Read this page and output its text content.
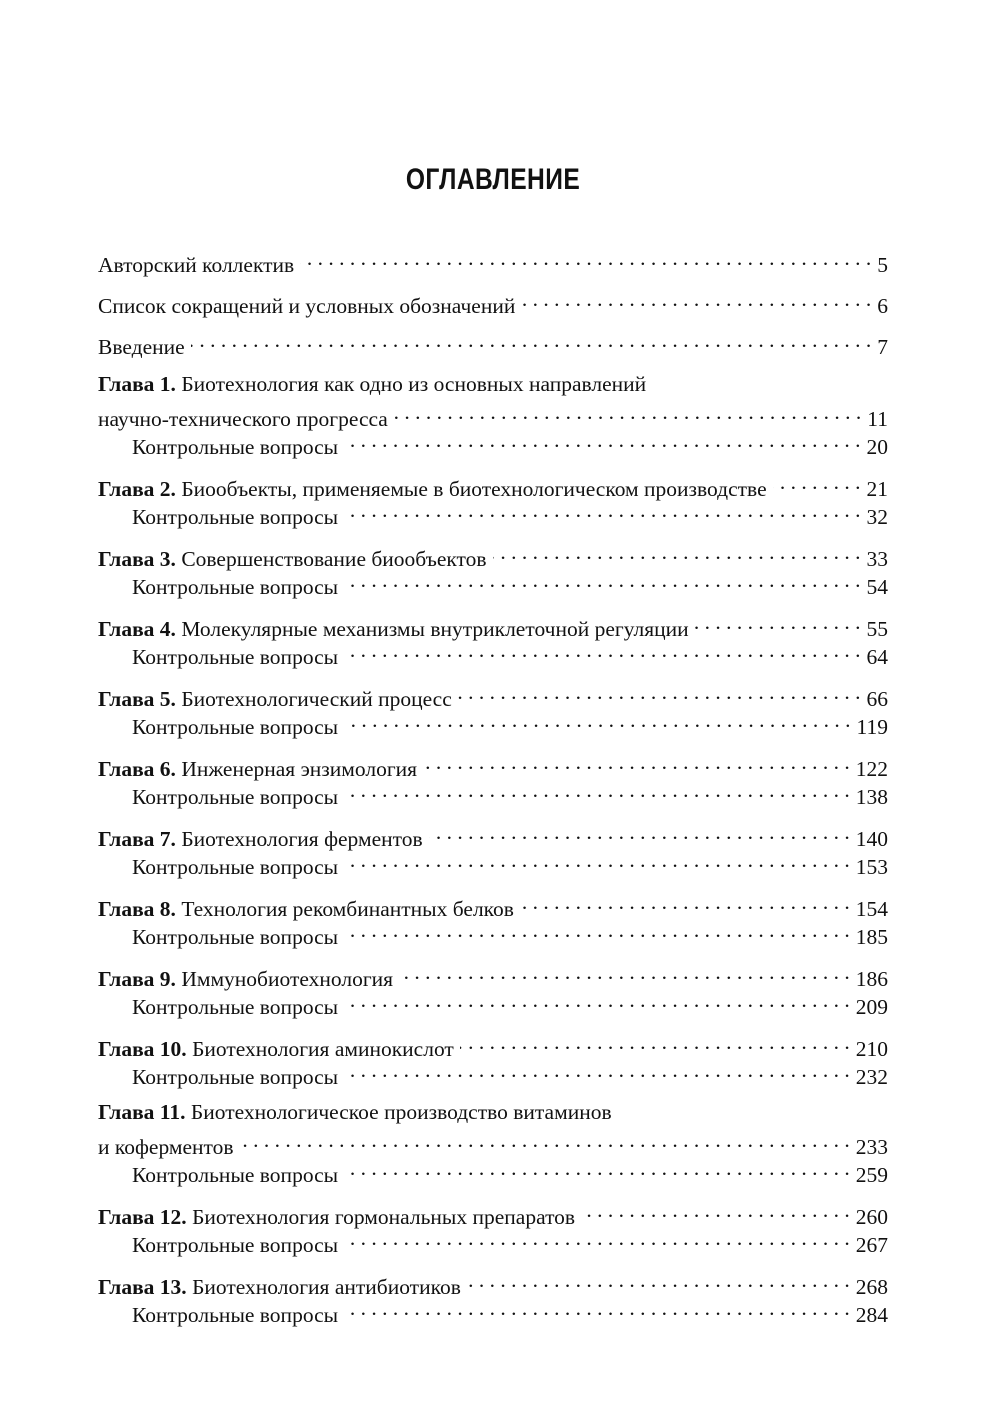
ОГЛАВЛЕНИЕ
Авторский коллектив . . .	5
Список сокращений и условных обозначений . . .	6
Введение . . .	7
Глава 1. Биотехнология как одно из основных направлений
научно-технического прогресса . . .	11
Контрольные вопросы . . .	20
Глава 2. Биообъекты, применяемые в биотехнологическом производстве . . .	21
Контрольные вопросы . . .	32
Глава 3. Совершенствование биообъектов . . .	33
Контрольные вопросы . . .	54
Глава 4. Молекулярные механизмы внутриклеточной регуляции . . .	55
Контрольные вопросы . . .	64
Глава 5. Биотехнологический процесс . . .	66
Контрольные вопросы . . .	119
Глава 6. Инженерная энзимология . . .	122
Контрольные вопросы . . .	138
Глава 7. Биотехнология ферментов . . .	140
Контрольные вопросы . . .	153
Глава 8. Технология рекомбинантных белков . . .	154
Контрольные вопросы . . .	185
Глава 9. Иммунобиотехнология . . .	186
Контрольные вопросы . . .	209
Глава 10. Биотехнология аминокислот . . .	210
Контрольные вопросы . . .	232
Глава 11. Биотехнологическое производство витаминов
и коферментов . . .	233
Контрольные вопросы . . .	259
Глава 12. Биотехнология гормональных препаратов . . .	260
Контрольные вопросы . . .	267
Глава 13. Биотехнология антибиотиков . . .	268
Контрольные вопросы . . .	284
